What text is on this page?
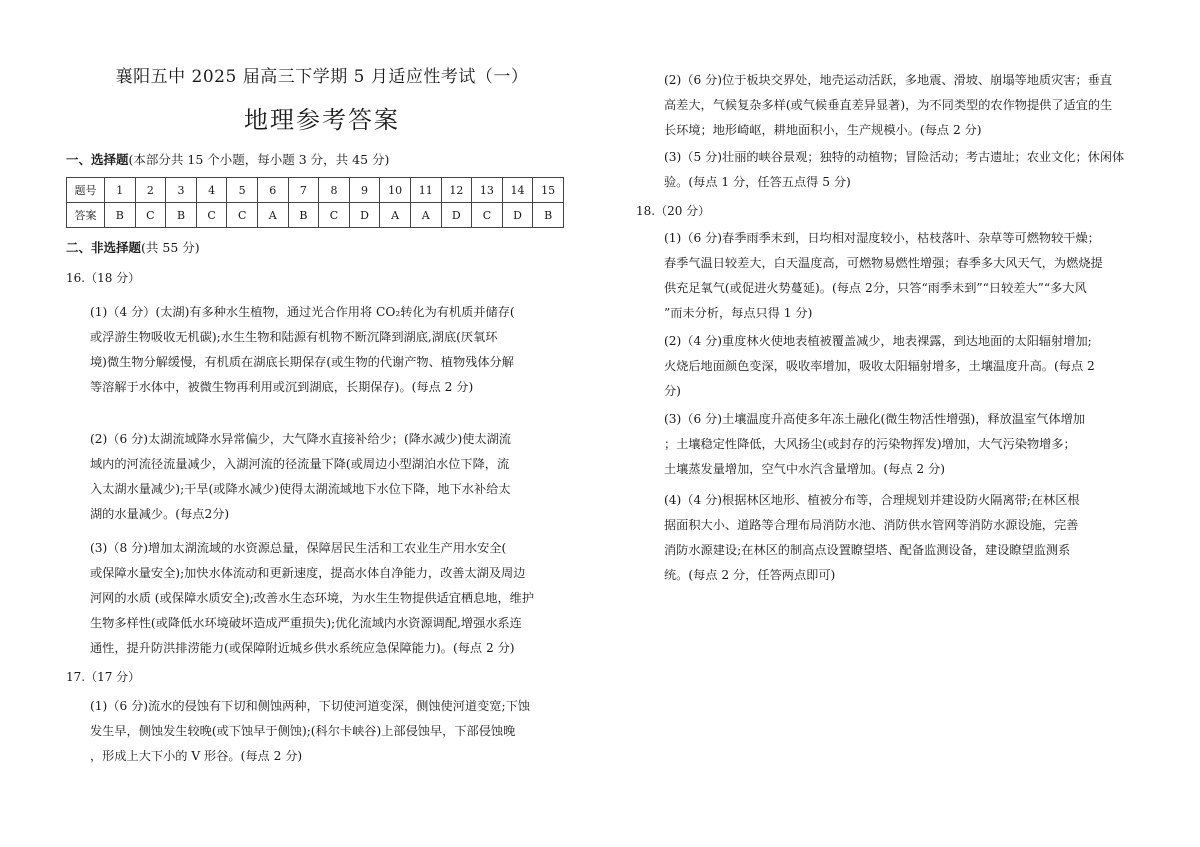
襄阳五中 2025 届高三下学期 5 月适应性考试（一）
地理参考答案
一、选择题(本部分共 15 个小题，每小题 3 分，共 45 分)
题号	1	2	3	4	5	6	7	8	9	10	11	12	13	14	15
答案	B	C	B	C	C	A	B	C	D	A	A	D	C	D	B
二、非选择题(共 55 分)
16.（18 分）
(1)（4 分）(太湖)有多种水生植物，通过光合作用将 CO₂转化为有机质并储存(
或浮游生物吸收无机碳);水生生物和陆源有机物不断沉降到湖底,湖底(厌氧环
境)微生物分解缓慢，有机质在湖底长期保存(或生物的代谢产物、植物残体分解
等溶解于水体中，被微生物再利用或沉到湖底，长期保存)。(每点 2 分)
(2)（6 分)太湖流域降水异常偏少，大气降水直接补给少；(降水减少)使太湖流
域内的河流径流量减少，入湖河流的径流量下降(或周边小型湖泊水位下降，流
入太湖水量减少);干旱(或降水减少)使得太湖流域地下水位下降，地下水补给太
湖的水量减少。(每点2分)
(3)（8 分)增加太湖流域的水资源总量，保障居民生活和工农业生产用水安全(
或保障水量安全);加快水体流动和更新速度，提高水体自净能力，改善太湖及周边
河网的水质 (或保障水质安全);改善水生态环境，为水生生物提供适宜栖息地，维护
生物多样性(或降低水环境破坏造成严重损失);优化流域内水资源调配,增强水系连
通性，提升防洪排涝能力(或保障附近城乡供水系统应急保障能力)。(每点 2 分)
17.（17 分）
(1)（6 分)流水的侵蚀有下切和侧蚀两种，下切使河道变深，侧蚀使河道变宽;下蚀
发生早，侧蚀发生较晚(或下蚀早于侧蚀);(科尔卡峡谷)上部侵蚀早，下部侵蚀晚
，形成上大下小的 V 形谷。(每点 2 分)
(2)（6 分)位于板块交界处，地壳运动活跃，多地震、滑坡、崩塌等地质灾害；垂直
高差大，气候复杂多样(或气候垂直差异显著)，为不同类型的农作物提供了适宜的生
长环境；地形崎岖，耕地面积小，生产规模小。(每点 2 分)
(3)（5 分)壮丽的峡谷景观；独特的动植物；冒险活动；考古遗址；农业文化；休闲体
验。(每点 1 分，任答五点得 5 分)
18.（20 分）
(1)（6 分)春季雨季未到，日均相对湿度较小，枯枝落叶、杂草等可燃物较干燥；
春季气温日较差大，白天温度高，可燃物易燃性增强；春季多大风天气，为燃烧提
供充足氧气(或促进火势蔓延)。(每点 2分，只答“雨季未到”“日较差大”“多大风
”而未分析，每点只得 1 分)
(2)（4 分)重度林火使地表植被覆盖减少，地表裸露，到达地面的太阳辐射增加;
火烧后地面颜色变深，吸收率增加，吸收太阳辐射增多，土壤温度升高。(每点 2
分)
(3)（6 分)土壤温度升高使多年冻土融化(微生物活性增强)，释放温室气体增加
；土壤稳定性降低，大风扬尘(或封存的污染物挥发)增加，大气污染物增多；
土壤蒸发量增加，空气中水汽含量增加。(每点 2 分)
(4)（4 分)根据林区地形、植被分布等，合理规划并建设防火隔离带;在林区根
据面积大小、道路等合理布局消防水池、消防供水管网等消防水源设施，完善
消防水源建设;在林区的制高点设置瞭望塔、配备监测设备，建设瞭望监测系
统。(每点 2 分，任答两点即可)
